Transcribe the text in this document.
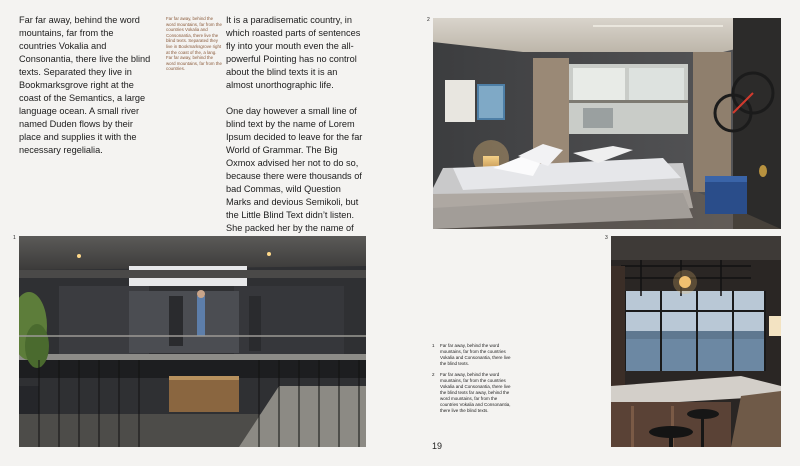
Far far away, behind the word mountains, far from the countries Vokalia and Consonantia, there live the blind texts. Separated they live in Bookmarksgrove right at the coast of the Semantics, a large language ocean. A small river named Duden flows by their place and supplies it with the necessary regelialia.

Far far away, behind the word mountains, far from the countries Vokalia and Consonantia, there live the blind texts. Separated they live in Bookmarksgrove right at the coast of the, a lang. Far far away, behind the word mountains, far from the countries.

It is a paradisematic country, in which roasted parts of sentences fly into your mouth even the all-powerful Pointing has no control about the blind texts it is an almost unorthographic life.

One day however a small line of blind text by the name of Lorem Ipsum decided to leave for the far World of Grammar. The Big Oxmox advised her not to do so, because there were thousands of bad Commas, wild Question Marks and devious Semikoli, but the Little Blind Text didn’t listen. She packed her by the name of

2
1	3
1	Far far away, behind the word mountains, far from the countries Vokalia and Consonantia, there live the blind texts.
2	Far far away, behind the word mountains, far from the countries Vokalia and Consonantia, there live the blind texts far away, behind the word mountains, far from the countries Vokalia and Consonantia, there live the blind texts.
19
